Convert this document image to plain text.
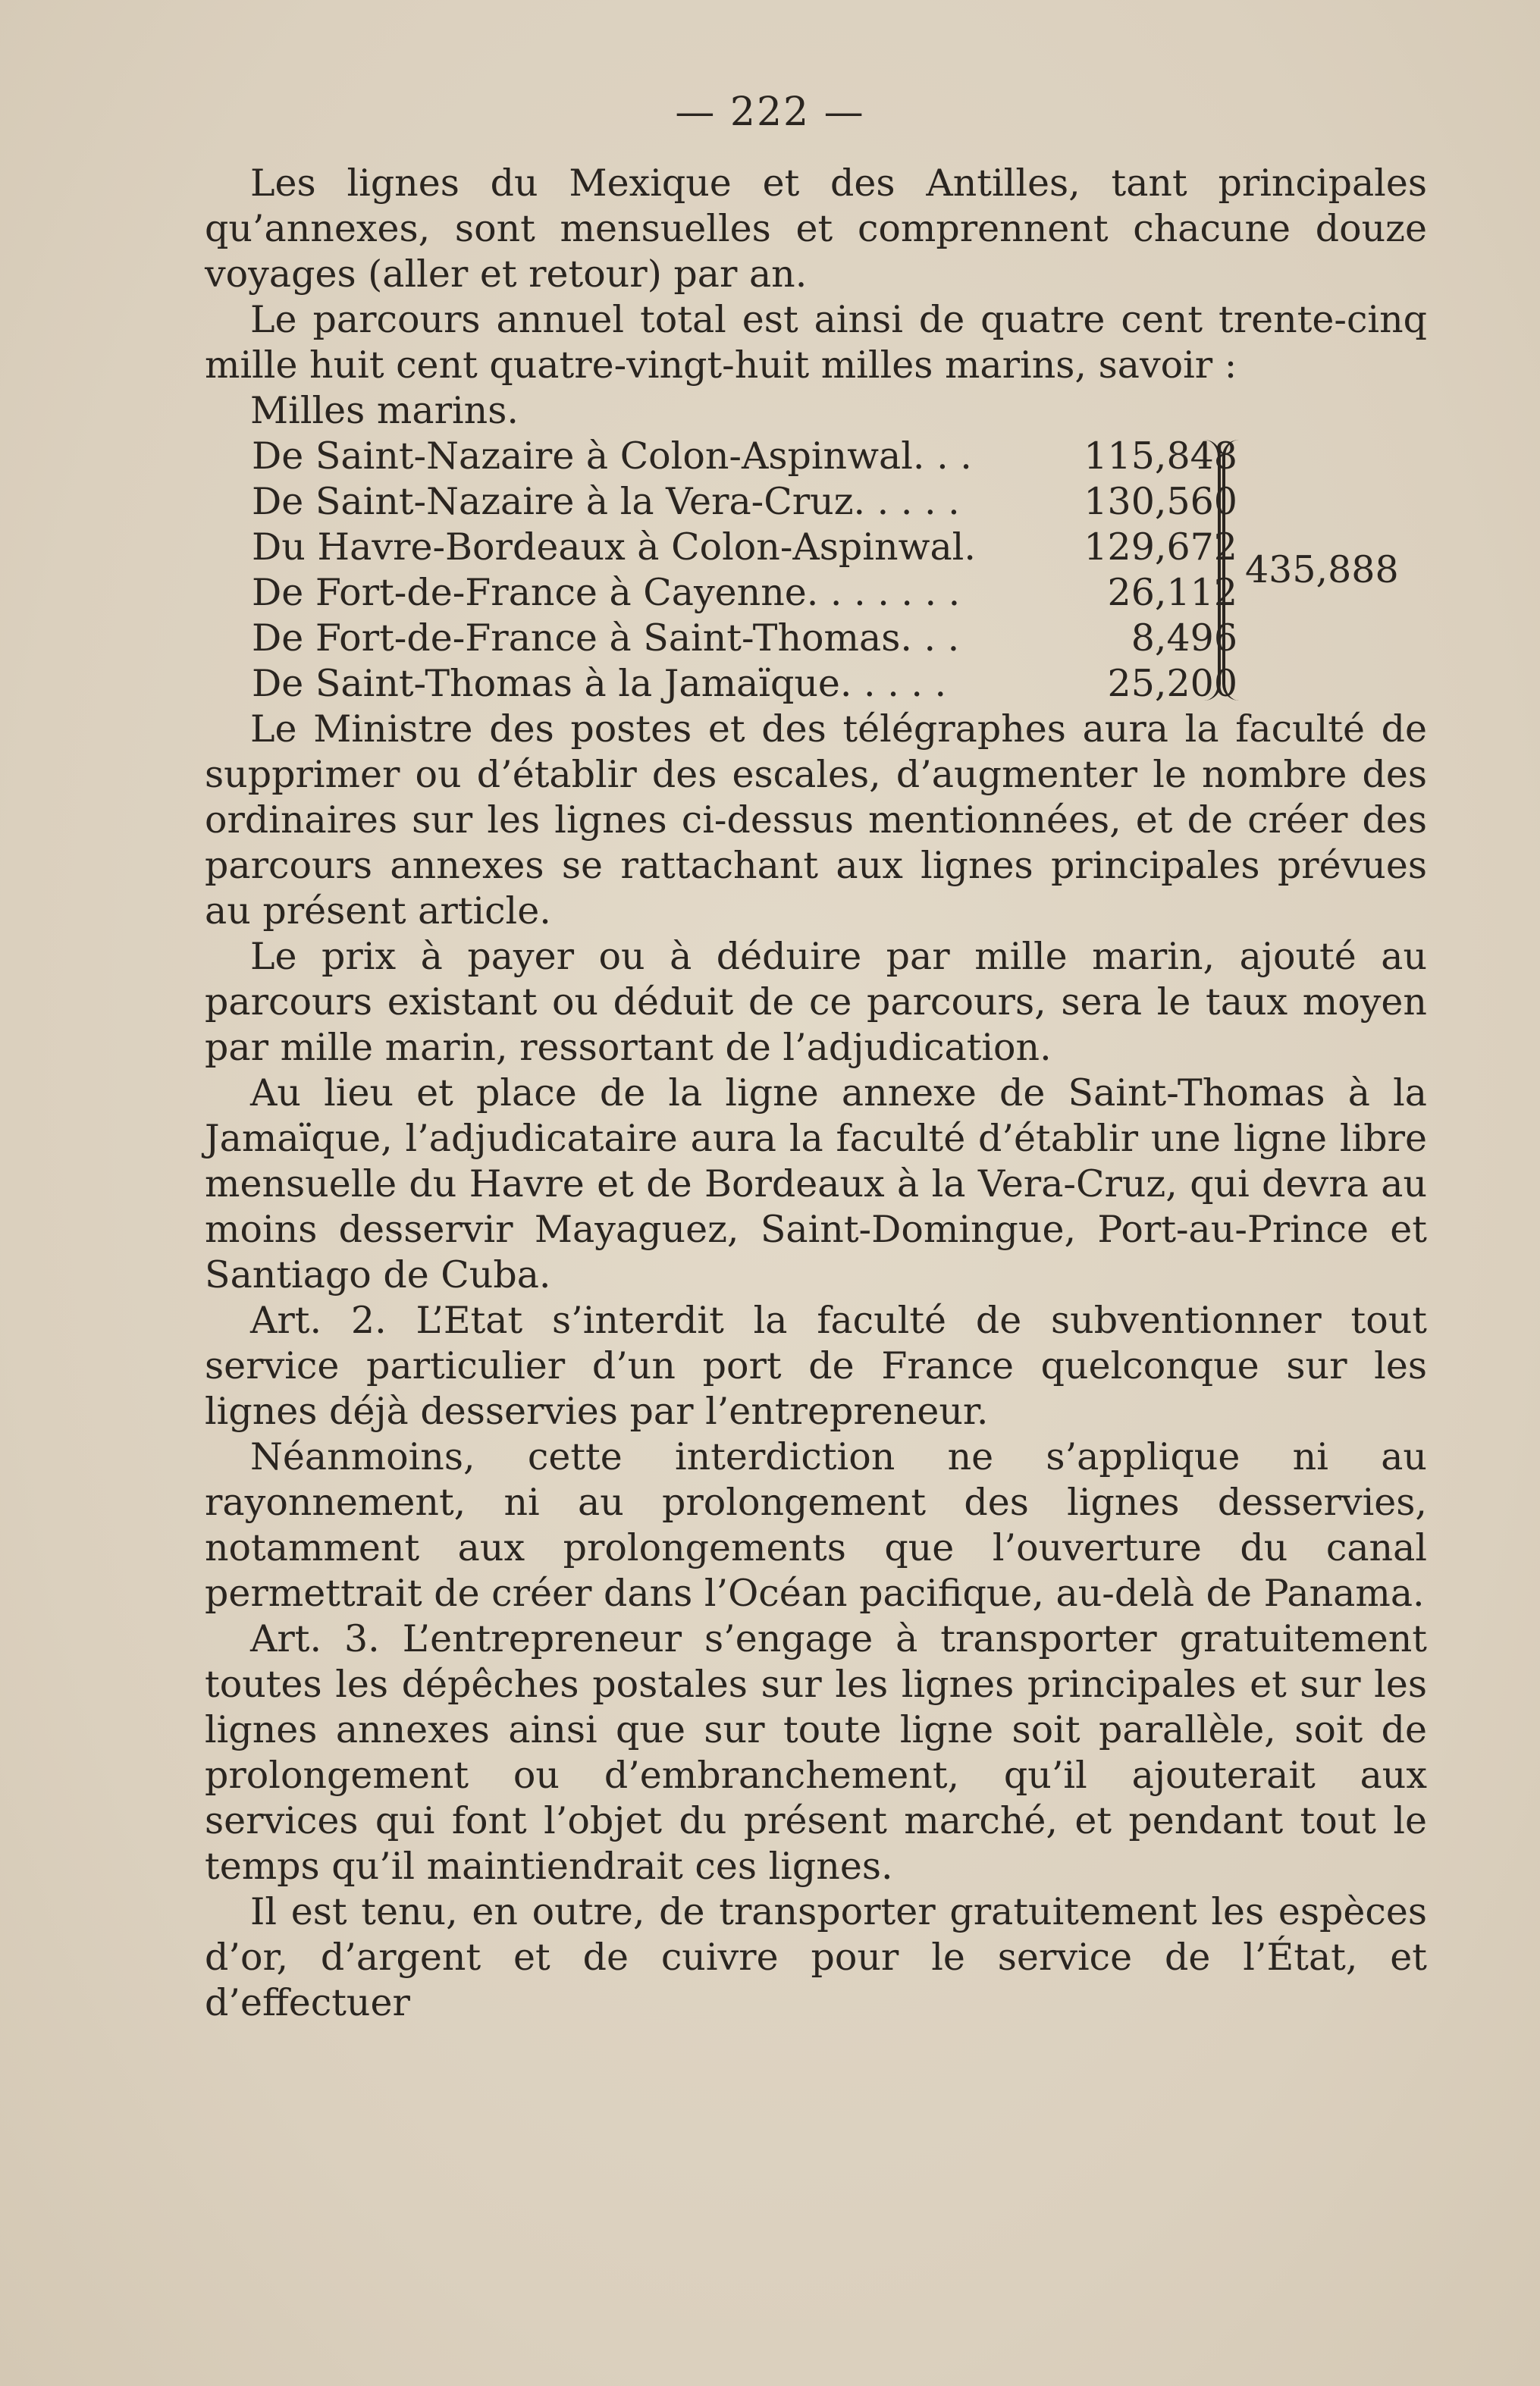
— 222 —

Les lignes du Mexique et des Antilles, tant principales qu’annexes, sont mensuelles et comprennent chacune douze voyages (aller et retour) par an.

Le parcours annuel total est ainsi de quatre cent trente-cinq mille huit cent quatre-vingt-huit milles marins, savoir :

Milles marins.

De Saint-Nazaire à Colon-Aspinwal. . .	115,848
De Saint-Nazaire à la Vera-Cruz. . . . .	130,560
Du Havre-Bordeaux à Colon-Aspinwal.	129,672
De Fort-de-France à Cayenne. . . . . . .	26,112
De Fort-de-France à Saint-Thomas. . .	8,496
De Saint-Thomas à la Jamaïque. . . . .	25,200
435,888

Le Ministre des postes et des télégraphes aura la faculté de supprimer ou d’établir des escales, d’augmenter le nombre des ordinaires sur les lignes ci-dessus mentionnées, et de créer des parcours annexes se rattachant aux lignes principales prévues au présent article.

Le prix à payer ou à déduire par mille marin, ajouté au parcours existant ou déduit de ce parcours, sera le taux moyen par mille marin, ressortant de l’adjudication.

Au lieu et place de la ligne annexe de Saint-Thomas à la Jamaïque, l’adjudicataire aura la faculté d’établir une ligne libre mensuelle du Havre et de Bordeaux à la Vera-Cruz, qui devra au moins desservir Mayaguez, Saint-Domingue, Port-au-Prince et Santiago de Cuba.

Art. 2. L’Etat s’interdit la faculté de subventionner tout service particulier d’un port de France quelconque sur les lignes déjà desservies par l’entrepreneur.

Néanmoins, cette interdiction ne s’applique ni au rayonnement, ni au prolongement des lignes desservies, notamment aux prolongements que l’ouverture du canal permettrait de créer dans l’Océan pacifique, au-delà de Panama.

Art. 3. L’entrepreneur s’engage à transporter gratuitement toutes les dépêches postales sur les lignes principales et sur les lignes annexes ainsi que sur toute ligne soit parallèle, soit de prolongement ou d’embranchement, qu’il ajouterait aux services qui font l’objet du présent marché, et pendant tout le temps qu’il maintiendrait ces lignes.

Il est tenu, en outre, de transporter gratuitement les espèces d’or, d’argent et de cuivre pour le service de l’État, et d’effectuer
